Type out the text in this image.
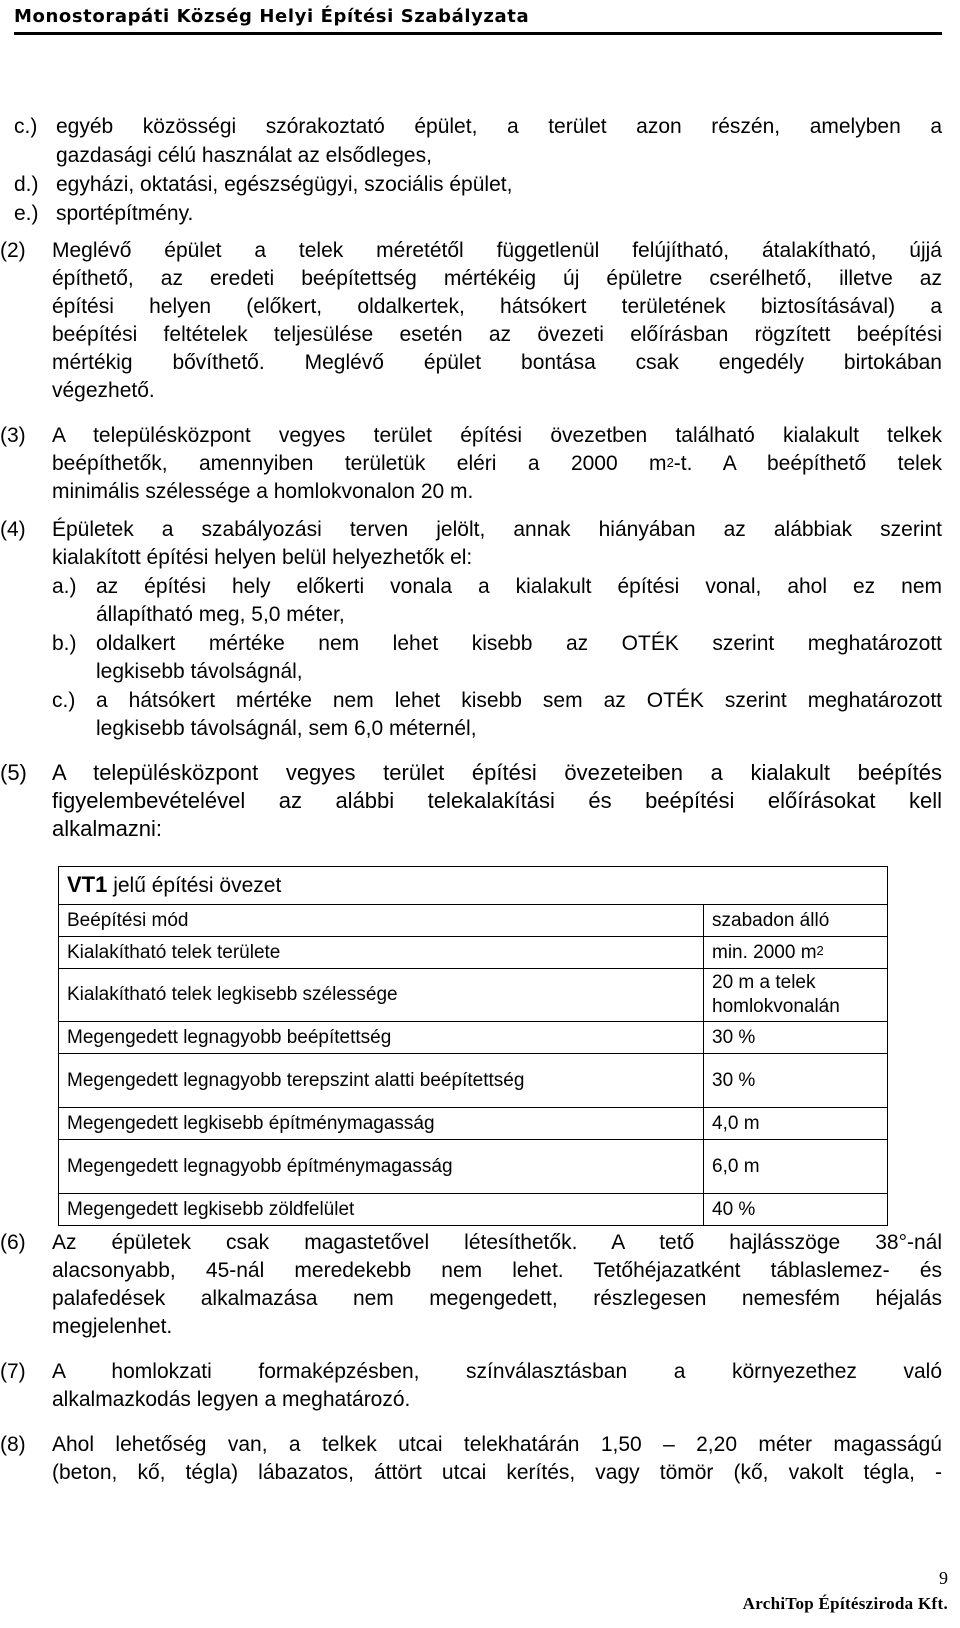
Monostorapáti Község Helyi Építési Szabályzata
c.) egyéb közösségi szórakoztató épület, a terület azon részén, amelyben a
gazdasági célú használat az elsődleges,
d.) egyházi, oktatási, egészségügyi, szociális épület,
e.) sportépítmény.
(2) Meglévő épület a telek méretétől függetlenül felújítható, átalakítható, újjá
építhető, az eredeti beépítettség mértékéig új épületre cserélhető, illetve az
építési helyen (előkert, oldalkertek, hátsókert területének biztosításával) a
beépítési feltételek teljesülése esetén az övezeti előírásban rögzített beépítési
mértékig bővíthető. Meglévő épület bontása csak engedély birtokában
végezhető.
(3) A településközpont vegyes terület építési övezetben található kialakult telkek
beépíthetők, amennyiben területük eléri a 2000 $m^2-t$. A beépíthető telek
minimális szélessége a homlokvonalon 20 m.
(4) Épületek a szabályozási terven jelölt, annak hiányában az alábbiak szerint
kialakított építési helyen belül helyezhetők el:
a.) az építési hely előkerti vonala a kialakult építési vonal, ahol ez nem
állapítható meg, 5,0 méter,
b.) oldalkert mértéke nem lehet kisebb az OTÉK szerint meghatározott
legkisebb távolságnál,
c.) a hátsókert mértéke nem lehet kisebb sem az OTÉK szerint meghatározott
legkisebb távolságnál, sem 6,0 méternél,
(5) A településközpont vegyes terület építési övezeteiben a kialakult beépítés
figyelembevételével az alábbi telekalakítási és beépítési előírásokat kell
alkalmazni:
VT1 jelű építési övezet	
Beépítési mód	szabadon álló
Kialakítható telek területe	min. 2000 $m^2$
Kialakítható telek legkisebb szélessége	20 m a telek homlokvonalán
Megengedett legnagyobb beépítettség	30 %
Megengedett legnagyobb terepszint alatti beépítettség	30 %
Megengedett legkisebb építménymagasság	4,0 m
Megengedett legnagyobb építménymagasság	6,0 m
Megengedett legkisebb zöldfelület	40 %
(6) Az épületek csak magastetővel létesíthetők. A tető hajlásszöge 38°-nál
alacsonyabb, 45-nál meredekebb nem lehet. Tetőhéjazatként táblaslemez- és
palafedések alkalmazása nem megengedett, részlegesen nemesfém héjalás
megjelenhet.
(7) A homlokzati formaképzésben, színválasztásban a környezethez való
alkalmazkodás legyen a meghatározó.
(8) Ahol lehetőség van, a telkek utcai telekhatárán 1,50 – 2,20 méter magasságú
(beton, kő, tégla) lábazatos, áttört utcai kerítés, vagy tömör (kő, vakolt tégla, -
9
ArchiTop Építésziroda Kft.
